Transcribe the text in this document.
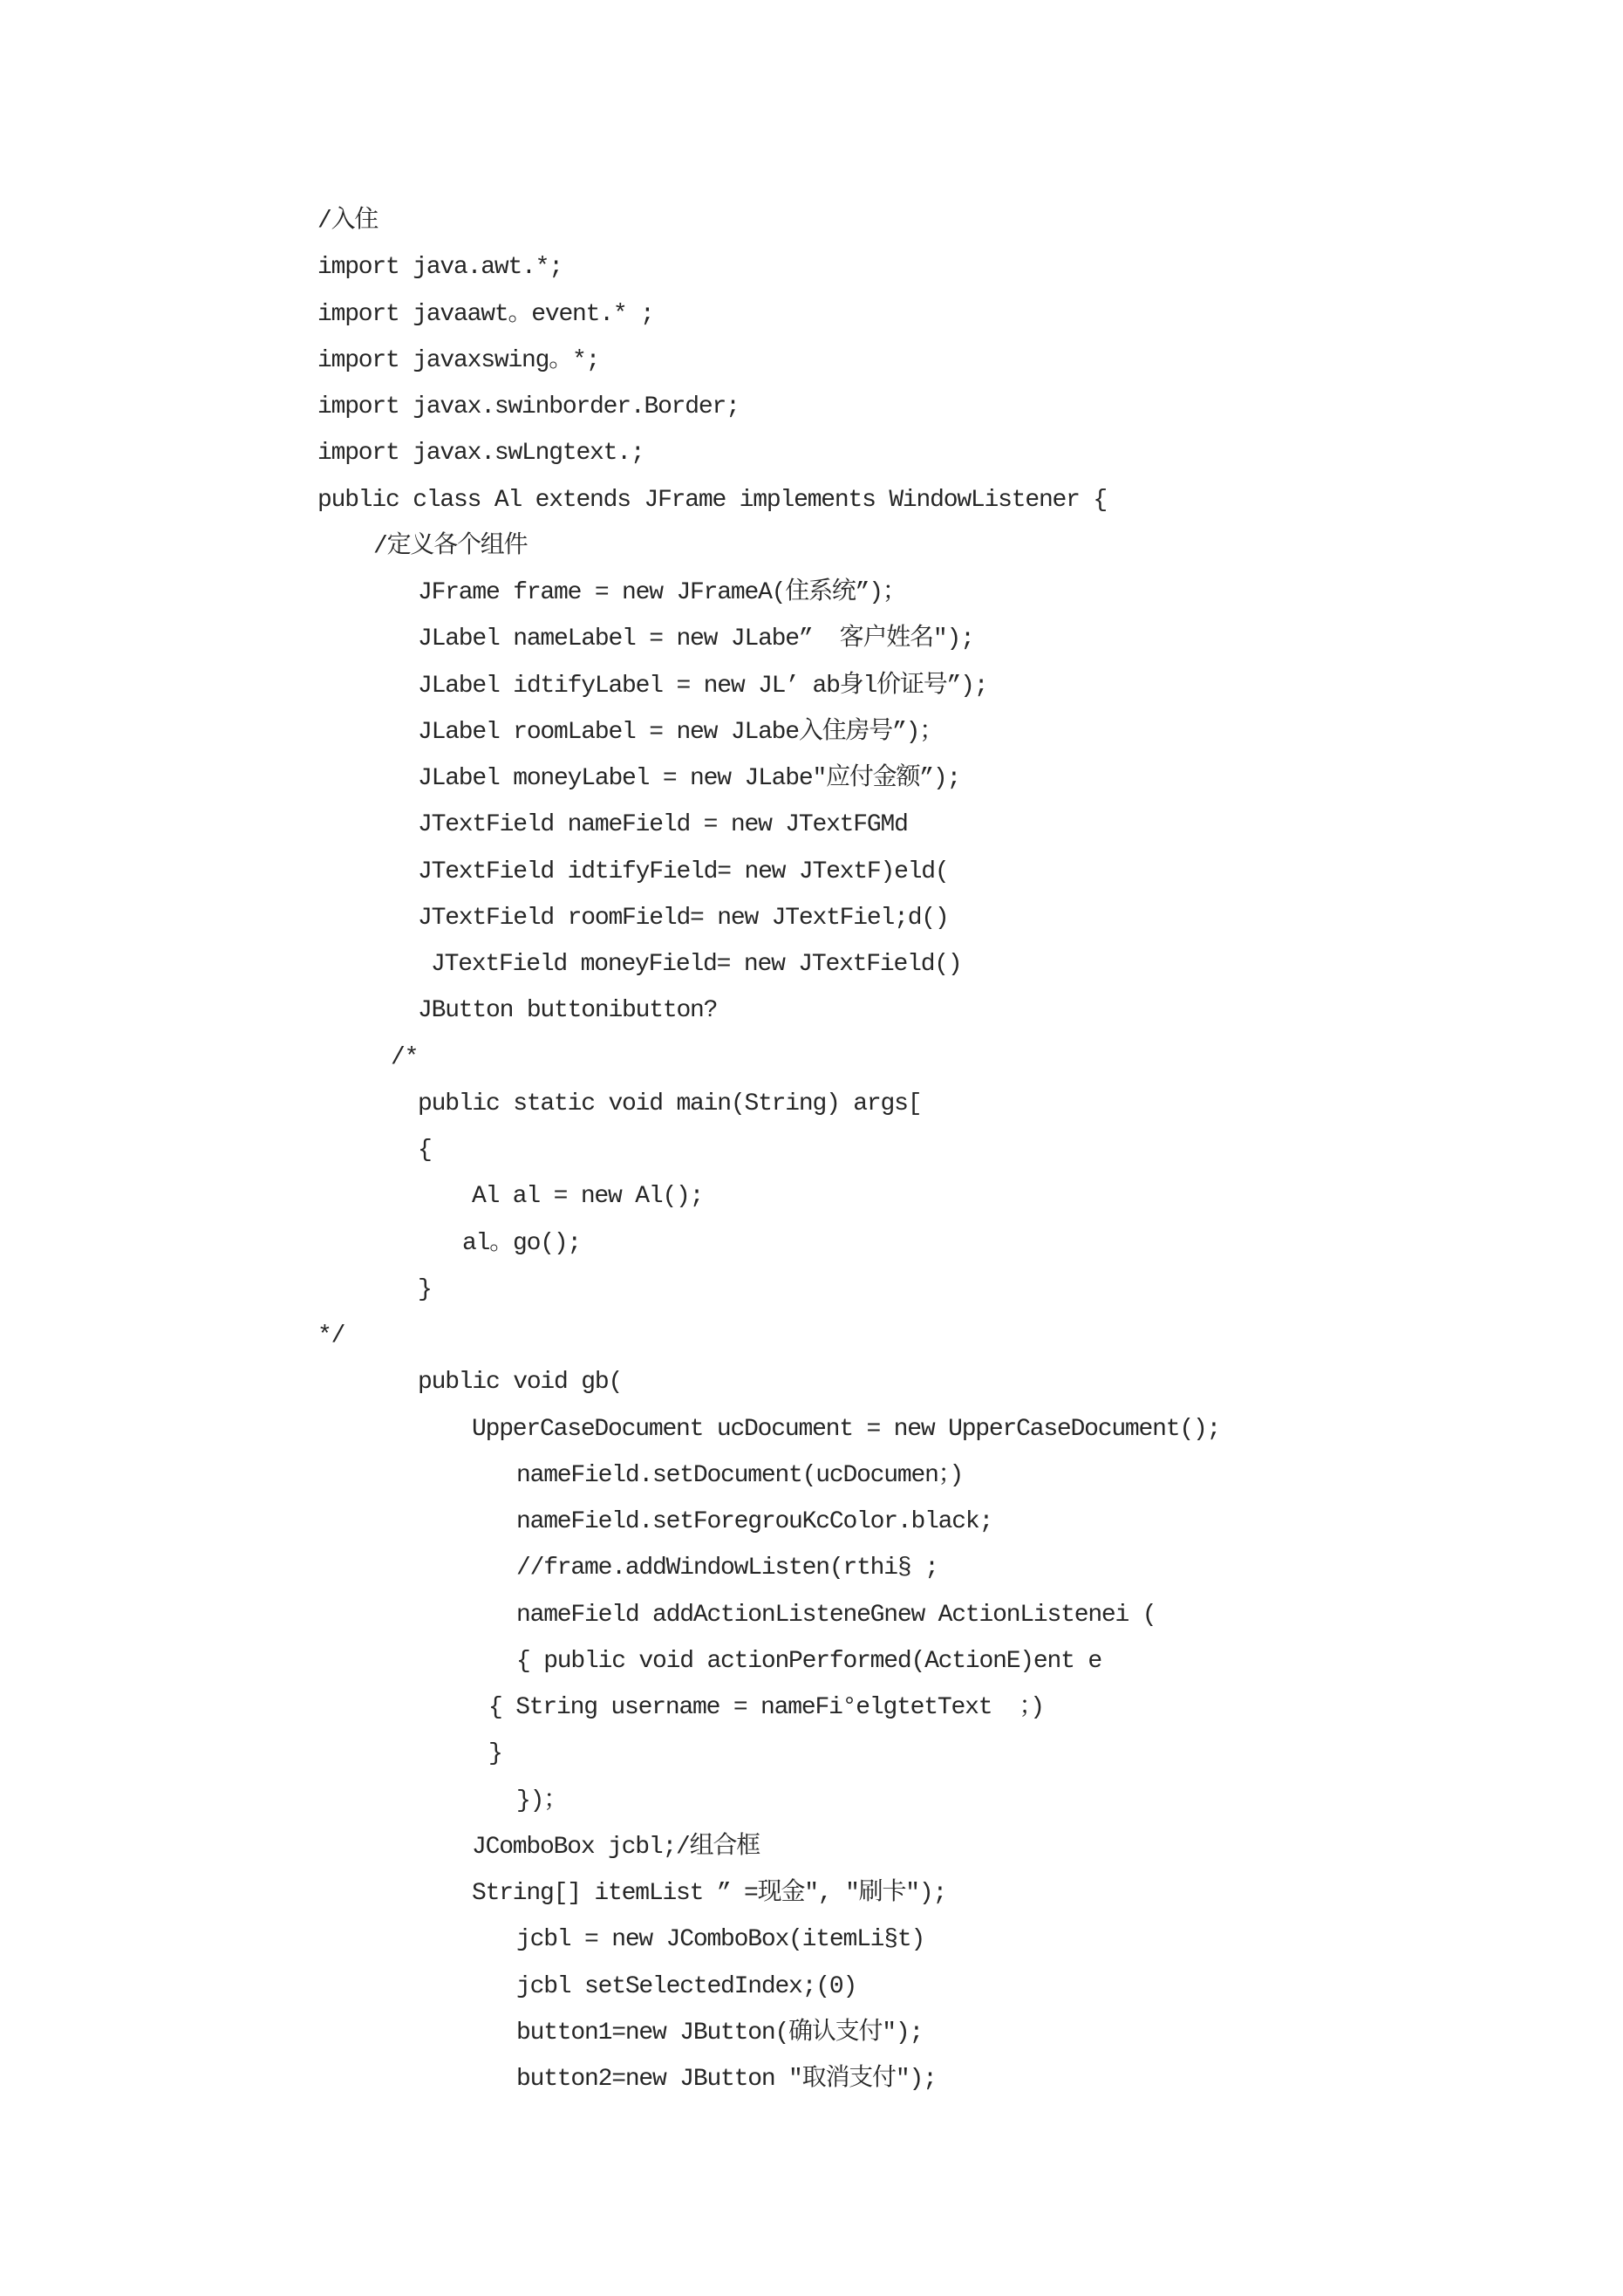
/入住
import java.awt.*;
import javaawt。event.* ;
import javaxswing。*;
import javax.swinborder.Border;
import javax.swLngtext.;
public class Al extends JFrame implements WindowListener {
/定义各个组件
JFrame frame = new JFrameA(住系统”)；
JLabel nameLabel = new JLabe”  客户姓名″);
JLabel idtifyLabel = new JL’ ab身l价证号”);
JLabel roomLabel = new JLabe入住房号”)；
JLabel moneyLabel = new JLabe"应付金额”);
JTextField nameField = new JTextFGMd
JTextField idtifyField= new JTextF)eld(
JTextField roomField= new JTextFiel;d()
JTextField moneyField= new JTextField()
JButton buttonibutton?
/*
public static void main(String) args[
{
Al al = new Al();
al。go();
}
*/
public void gb(
UpperCaseDocument ucDocument = new UpperCaseDocument();
nameField.setDocument(ucDocumen；)
nameField.setForegrouKcColor.black;
//frame.addWindowListen(rthi§ ;
nameField addActionListeneGnew ActionListenei (
{ public void actionPerformed(ActionE)ent e
{ String username = nameFi°elgtetText  ；)
}
})；
JComboBox jcbl;/组合框
String[] itemList ” =现金″, ″刷卡″);
jcbl = new JComboBox(itemLi§t)
jcbl setSelectedIndex;(0)
button1=new JButton(确认支付″);
button2=new JButton ″取消支付″);
